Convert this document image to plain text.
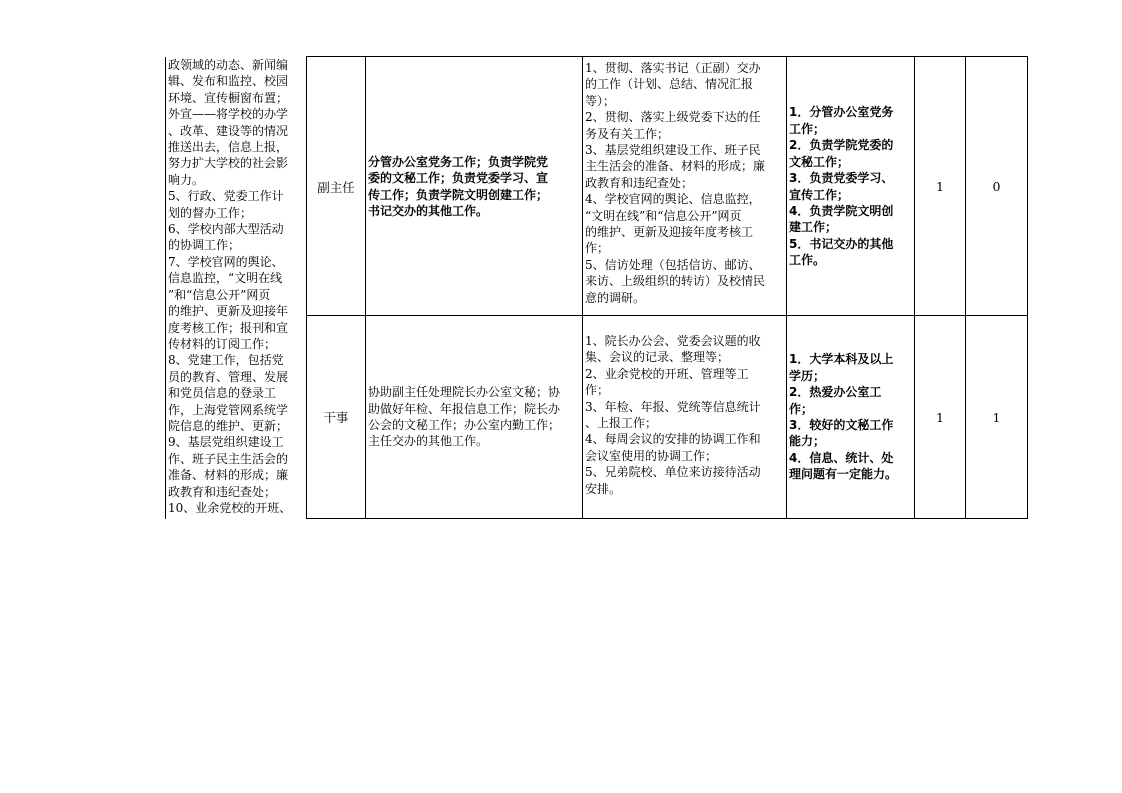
政领域的动态、新闻编
辑、发布和监控、校园
环境、宣传橱窗布置；
外宣——将学校的办学
、改革、建设等的情况
推送出去，信息上报，
努力扩大学校的社会影
响力。
5、行政、党委工作计
划的督办工作；
6、学校内部大型活动
的协调工作；
7、学校官网的舆论、
信息监控，“文明在线
”和“信息公开”网页
的维护、更新及迎接年
度考核工作；报刊和宣
传材料的订阅工作；
8、党建工作，包括党
员的教育、管理、发展
和党员信息的登录工
作，上海党管网系统学
院信息的维护、更新；
9、基层党组织建设工
作、班子民主生活会的
准备、材料的形成；廉
政教育和违纪查处；
10、业余党校的开班、
副主任
分管办公室党务工作；负责学院党
委的文秘工作；负责党委学习、宣
传工作；负责学院文明创建工作；
书记交办的其他工作。
1、贯彻、落实书记（正副）交办
的工作（计划、总结、情况汇报
等）；
2、贯彻、落实上级党委下达的任
务及有关工作；
3、基层党组织建设工作、班子民
主生活会的准备、材料的形成；廉
政教育和违纪查处；
4、学校官网的舆论、信息监控，
“文明在线”和“信息公开”网页
的维护、更新及迎接年度考核工
作；
5、信访处理（包括信访、邮访、
来访、上级组织的转访）及校情民
意的调研。
1．分管办公室党务
工作；
2．负责学院党委的
文秘工作；
3．负责党委学习、
宣传工作；
4．负责学院文明创
建工作；
5．书记交办的其他
工作。
1	0
干事
协助副主任处理院长办公室文秘；协
助做好年检、年报信息工作；院长办
公会的文秘工作；办公室内勤工作；
主任交办的其他工作。
1、院长办公会、党委会议题的收
集、会议的记录、整理等；
2、业余党校的开班、管理等工
作；
3、年检、年报、党统等信息统计
、上报工作；
4、每周会议的安排的协调工作和
会议室使用的协调工作；
5、兄弟院校、单位来访接待活动
安排。
1．大学本科及以上
学历；
2．热爱办公室工
作；
3．较好的文秘工作
能力；
4．信息、统计、处
理问题有一定能力。
1	1
